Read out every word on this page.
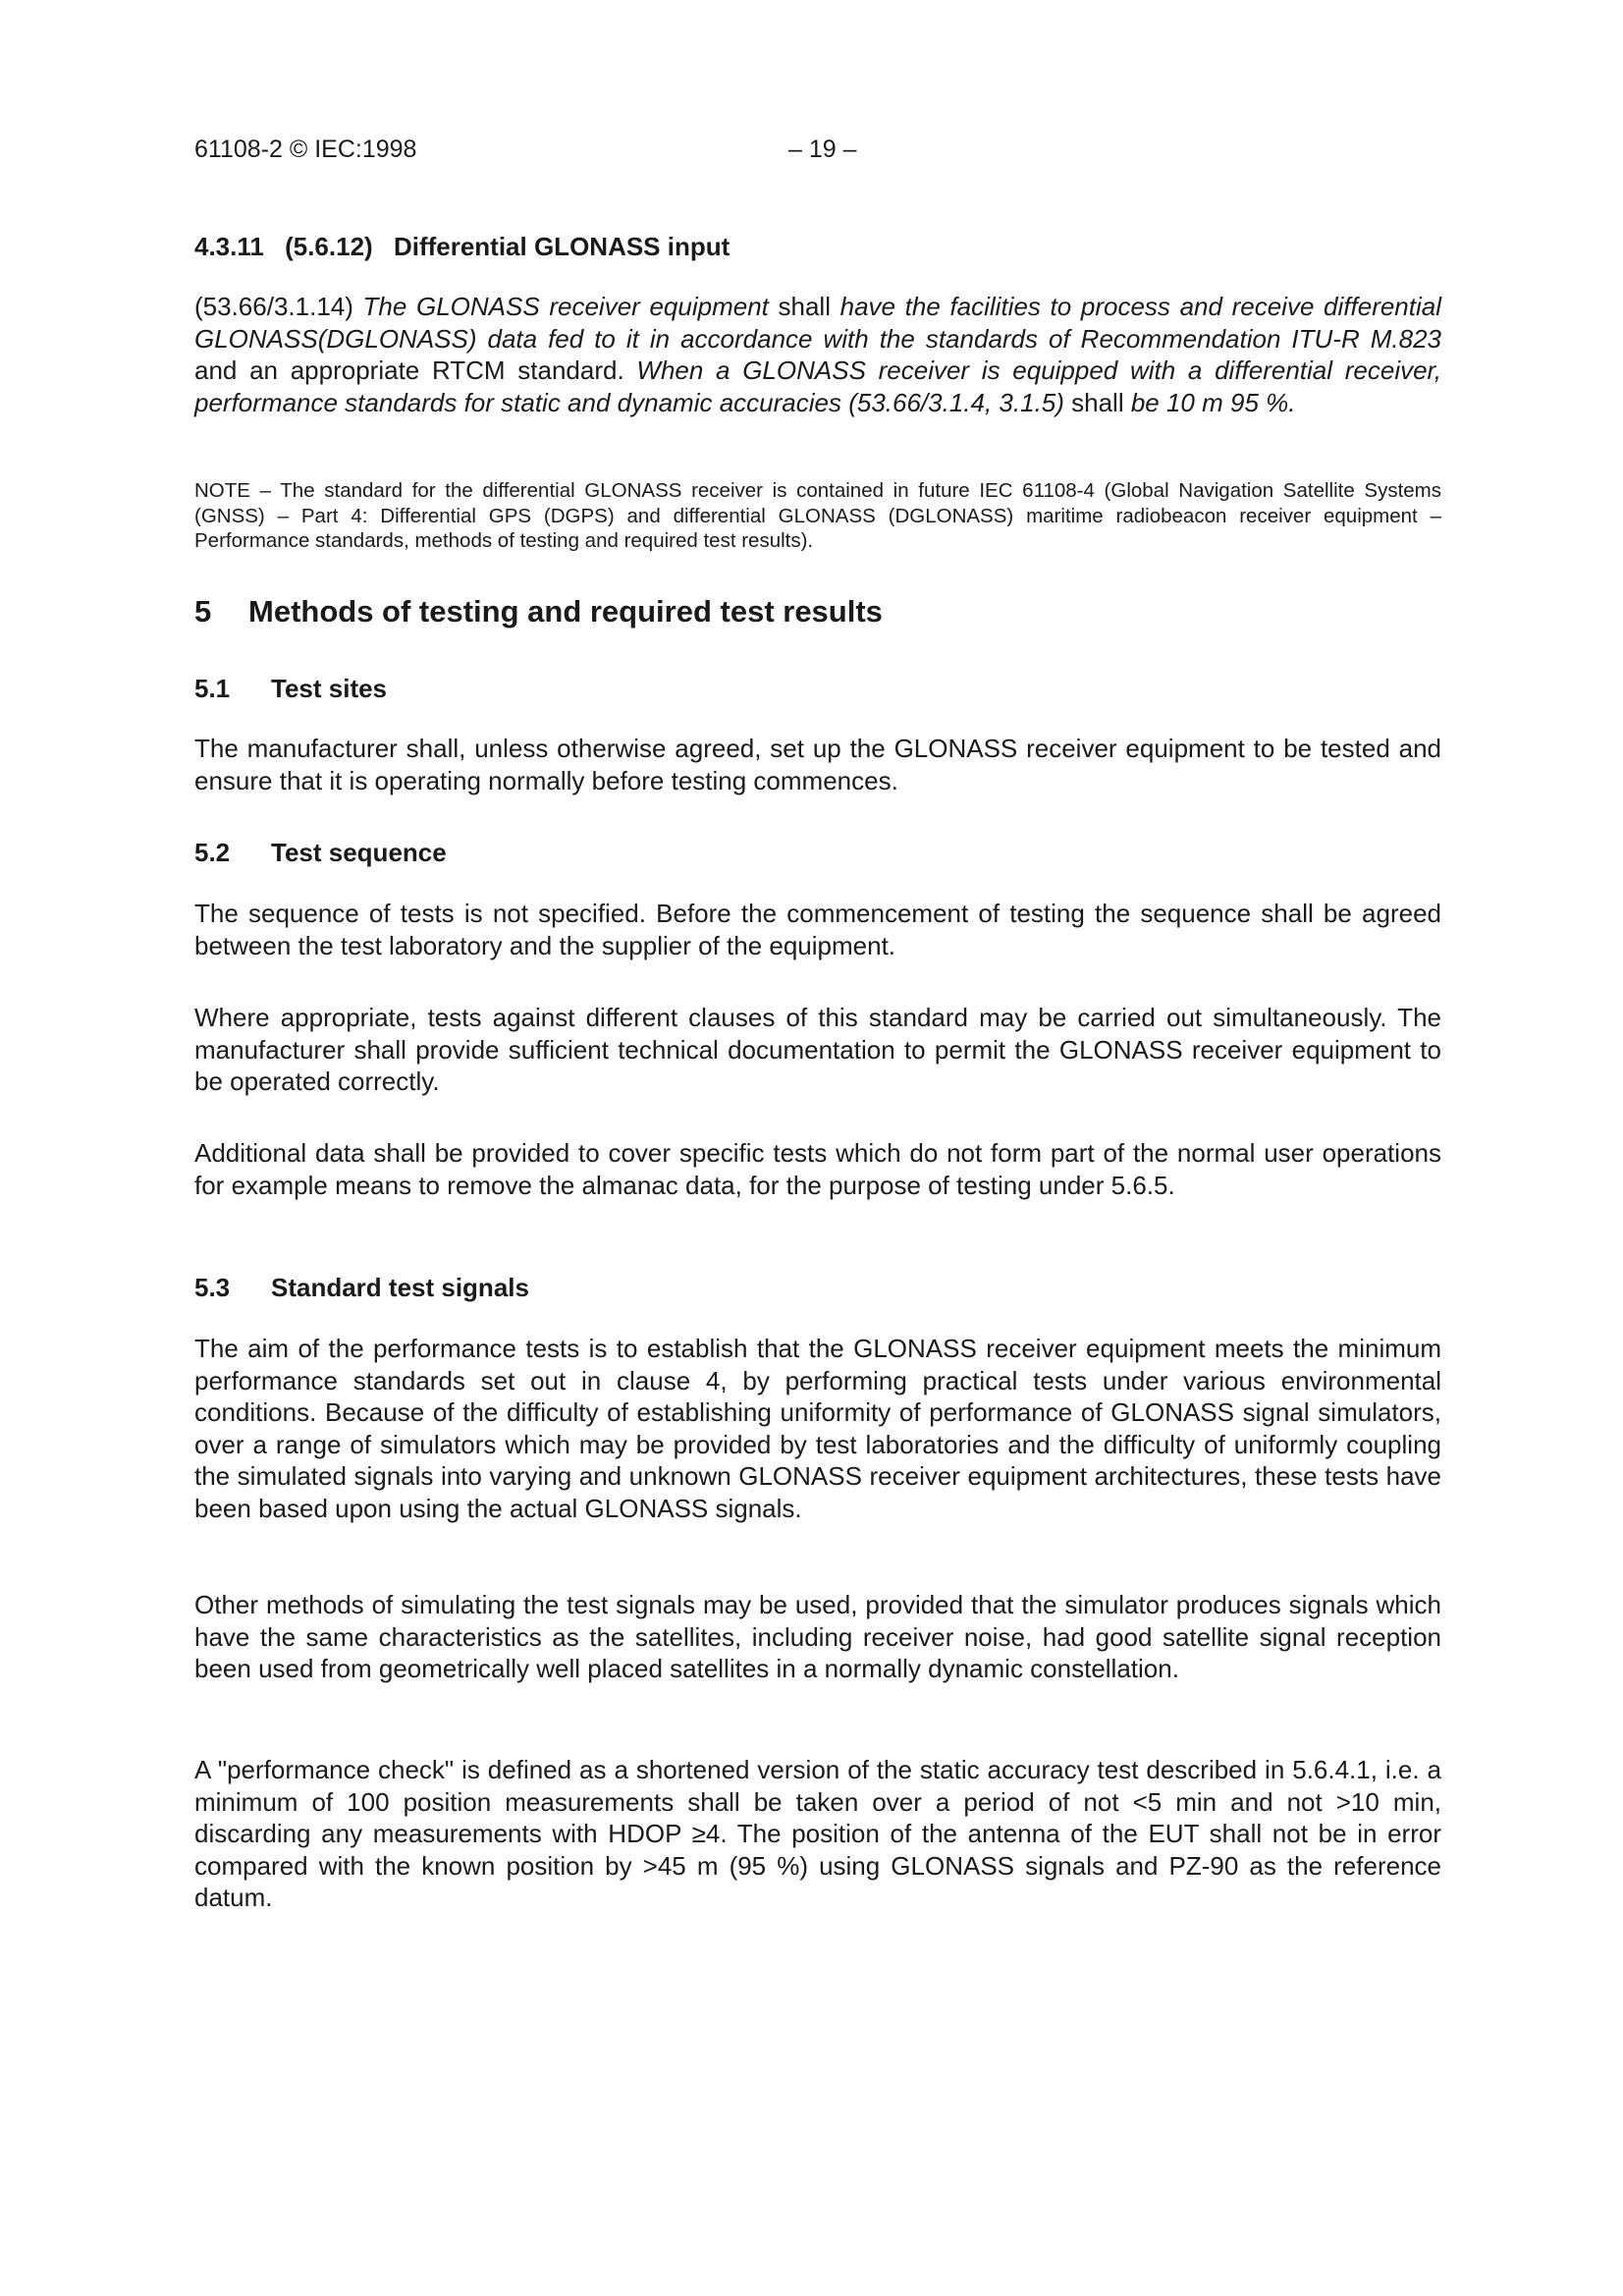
61108-2 © IEC:1998	– 19 –
4.3.11 (5.6.12) Differential GLONASS input

(53.66/3.1.14) The GLONASS receiver equipment shall have the facilities to process and receive differential GLONASS(DGLONASS) data fed to it in accordance with the standards of Recommendation ITU-R M.823 and an appropriate RTCM standard. When a GLONASS receiver is equipped with a differential receiver, performance standards for static and dynamic accuracies (53.66/3.1.4, 3.1.5) shall be 10 m 95 %.

NOTE – The standard for the differential GLONASS receiver is contained in future IEC 61108-4 (Global Navigation Satellite Systems (GNSS) – Part 4: Differential GPS (DGPS) and differential GLONASS (DGLONASS) maritime radiobeacon receiver equipment – Performance standards, methods of testing and required test results).

5 Methods of testing and required test results
5.1 Test sites

The manufacturer shall, unless otherwise agreed, set up the GLONASS receiver equipment to be tested and ensure that it is operating normally before testing commences.

5.2 Test sequence

The sequence of tests is not specified. Before the commencement of testing the sequence shall be agreed between the test laboratory and the supplier of the equipment.

Where appropriate, tests against different clauses of this standard may be carried out simultaneously. The manufacturer shall provide sufficient technical documentation to permit the GLONASS receiver equipment to be operated correctly.

Additional data shall be provided to cover specific tests which do not form part of the normal user operations for example means to remove the almanac data, for the purpose of testing under 5.6.5.

5.3 Standard test signals

The aim of the performance tests is to establish that the GLONASS receiver equipment meets the minimum performance standards set out in clause 4, by performing practical tests under various environmental conditions. Because of the difficulty of establishing uniformity of performance of GLONASS signal simulators, over a range of simulators which may be provided by test laboratories and the difficulty of uniformly coupling the simulated signals into varying and unknown GLONASS receiver equipment architectures, these tests have been based upon using the actual GLONASS signals.

Other methods of simulating the test signals may be used, provided that the simulator produces signals which have the same characteristics as the satellites, including receiver noise, had good satellite signal reception been used from geometrically well placed satellites in a normally dynamic constellation.

A "performance check" is defined as a shortened version of the static accuracy test described in 5.6.4.1, i.e. a minimum of 100 position measurements shall be taken over a period of not <5 min and not >10 min, discarding any measurements with HDOP ≥4. The position of the antenna of the EUT shall not be in error compared with the known position by >45 m (95 %) using GLONASS signals and PZ-90 as the reference datum.
